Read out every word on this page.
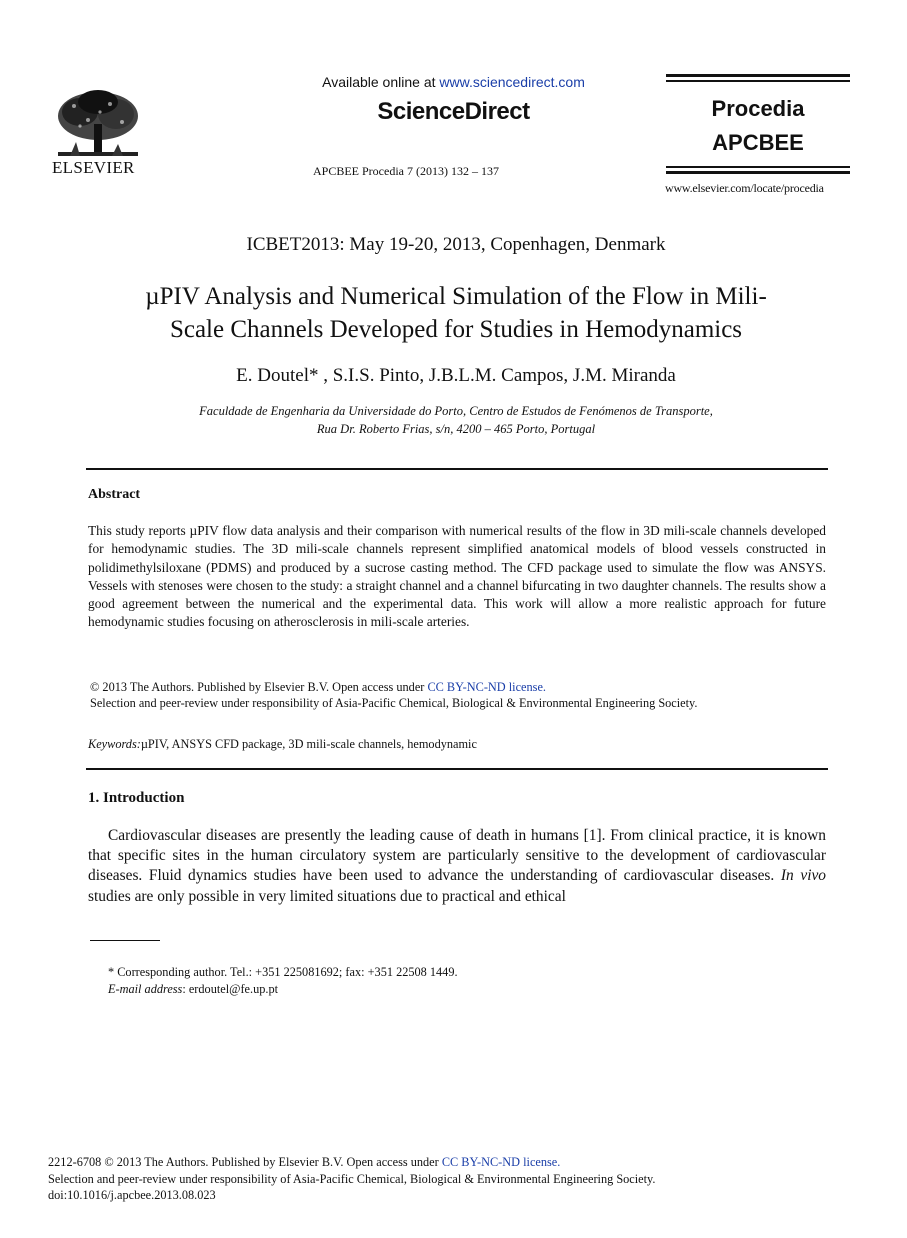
ELSEVIER
Available online at www.sciencedirect.com
ScienceDirect
APCBEE Procedia 7 (2013) 132 – 137
Procedia
APCBEE
www.elsevier.com/locate/procedia
ICBET2013: May 19-20, 2013, Copenhagen, Denmark
µPIV Analysis and Numerical Simulation of the Flow in Mili-
Scale Channels Developed for Studies in Hemodynamics
E. Doutel* , S.I.S. Pinto, J.B.L.M. Campos, J.M. Miranda
Faculdade de Engenharia da Universidade do Porto, Centro de Estudos de Fenómenos de Transporte,
Rua Dr. Roberto Frias, s/n, 4200 – 465 Porto, Portugal
Abstract
This study reports µPIV flow data analysis and their comparison with numerical results of the flow in 3D mili-scale channels developed for hemodynamic studies. The 3D mili-scale channels represent simplified anatomical models of blood vessels constructed in polidimethylsiloxane (PDMS) and produced by a sucrose casting method. The CFD package used to simulate the flow was ANSYS. Vessels with stenoses were chosen to the study: a straight channel and a channel bifurcating in two daughter channels. The results show a good agreement between the numerical and the experimental data. This work will allow a more realistic approach for future hemodynamic studies focusing on atherosclerosis in mili-scale arteries.
© 2013 The Authors. Published by Elsevier B.V. Open access under CC BY-NC-ND license.
Selection and peer-review under responsibility of Asia-Pacific Chemical, Biological & Environmental Engineering Society.
Keywords:µPIV, ANSYS CFD package, 3D mili-scale channels, hemodynamic
1. Introduction
Cardiovascular diseases are presently the leading cause of death in humans [1]. From clinical practice, it is known that specific sites in the human circulatory system are particularly sensitive to the development of cardiovascular diseases. Fluid dynamics studies have been used to advance the understanding of cardiovascular diseases. In vivo studies are only possible in very limited situations due to practical and ethical
* Corresponding author. Tel.: +351 225081692; fax: +351 22508 1449.
E-mail address: erdoutel@fe.up.pt
2212-6708 © 2013 The Authors. Published by Elsevier B.V. Open access under CC BY-NC-ND license.
Selection and peer-review under responsibility of Asia-Pacific Chemical, Biological & Environmental Engineering Society.
doi:10.1016/j.apcbee.2013.08.023
